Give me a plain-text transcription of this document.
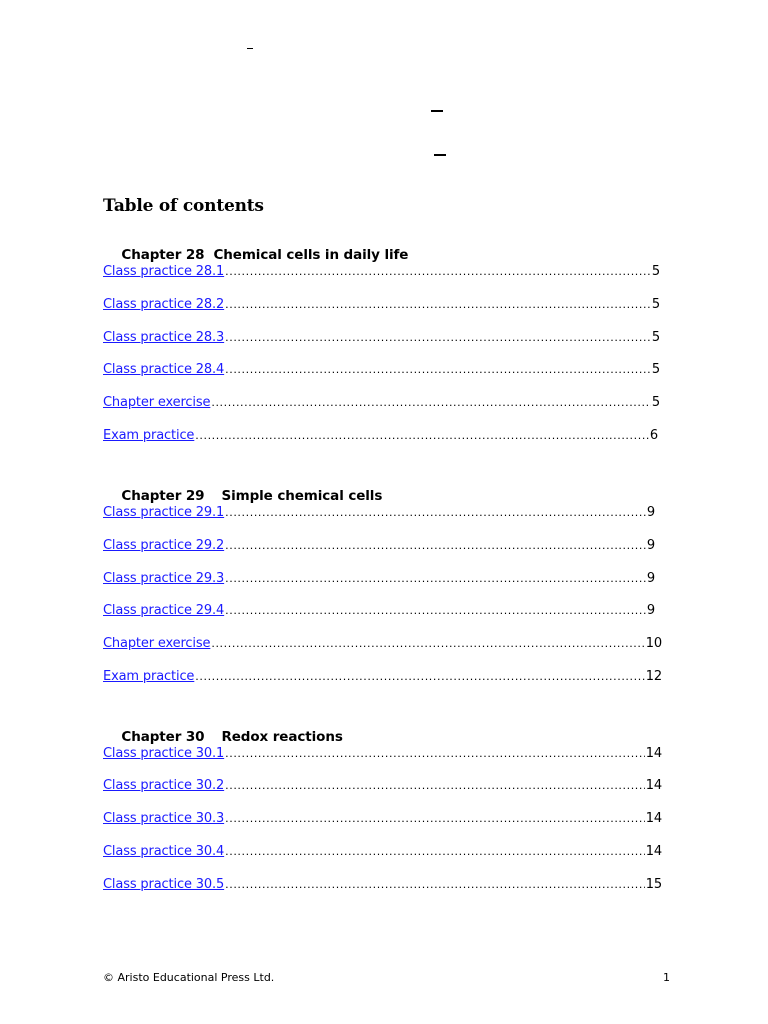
Table of contents

Chapter 28 Chemical cells in daily life

Class practice 28.1 .....	5
Class practice 28.2 .....	5
Class practice 28.3 .....	5
Class practice 28.4 .....	5
Chapter exercise .....	5
Exam practice .....	6

Chapter 29 Simple chemical cells

Class practice 29.1 .....	9
Class practice 29.2 .....	9
Class practice 29.3 .....	9
Class practice 29.4 .....	9
Chapter exercise .....	10
Exam practice .....	12

Chapter 30 Redox reactions

Class practice 30.1 .....	14
Class practice 30.2 .....	14
Class practice 30.3 .....	14
Class practice 30.4 .....	14
Class practice 30.5 .....	15
© Aristo Educational Press Ltd.	1
